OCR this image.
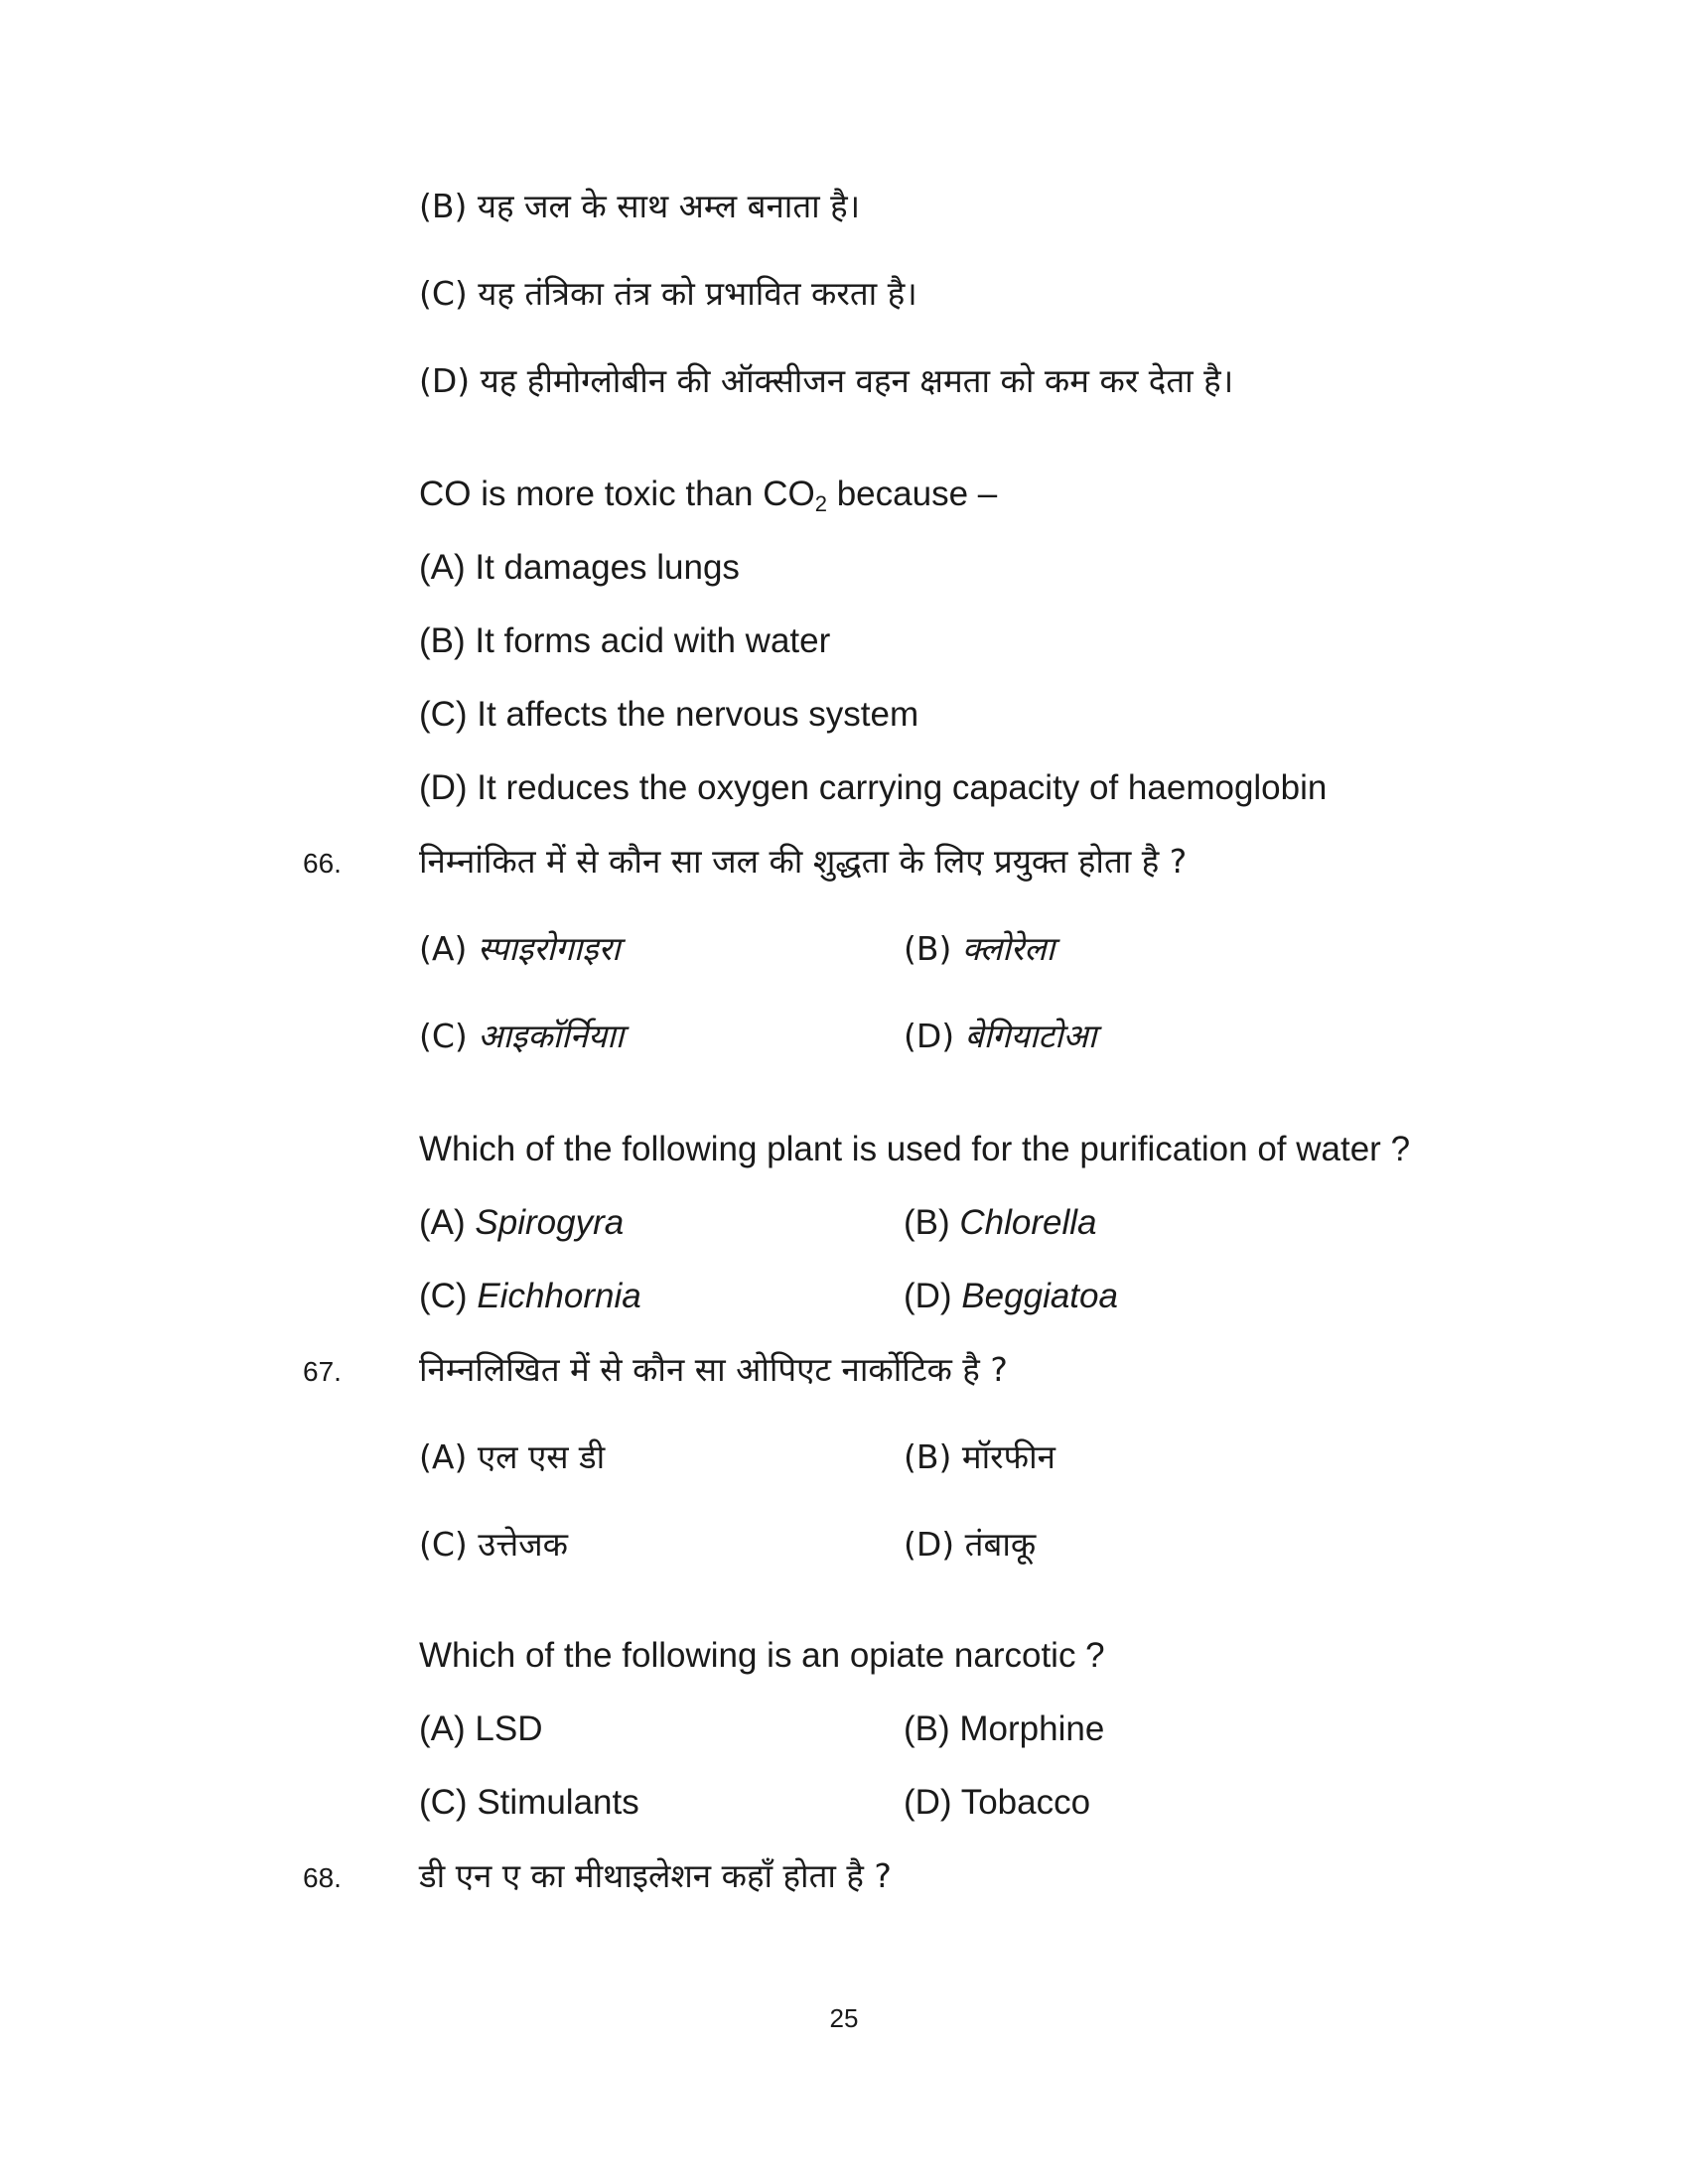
(B) यह जल के साथ अम्ल बनाता है।
(C) यह तंत्रिका तंत्र को प्रभावित करता है।
(D) यह हीमोग्लोबीन की ऑक्सीजन वहन क्षमता को कम कर देता है।
CO is more toxic than $CO_2$ because –
(A) It damages lungs
(B) It forms acid with water
(C) It affects the nervous system
(D) It reduces the oxygen carrying capacity of haemoglobin
66. निम्नांकित में से कौन सा जल की शुद्धता के लिए प्रयुक्त होता है ?
(A) स्पाइरोगाइरा	(B) क्लोरेला
(C) आइकॉर्नियाा	(D) बेगियाटोआ
Which of the following plant is used for the purification of water ?
(A) Spirogyra	(B) Chlorella
(C) Eichhornia	(D) Beggiatoa
67. निम्नलिखित में से कौन सा ओपिएट नार्कोटिक है ?
(A) एल एस डी	(B) मॉरफीन
(C) उत्तेजक	(D) तंबाकू
Which of the following is an opiate narcotic ?
(A) LSD	(B) Morphine
(C) Stimulants	(D) Tobacco
68. डी एन ए का मीथाइलेशन कहाँ होता है ?
25
